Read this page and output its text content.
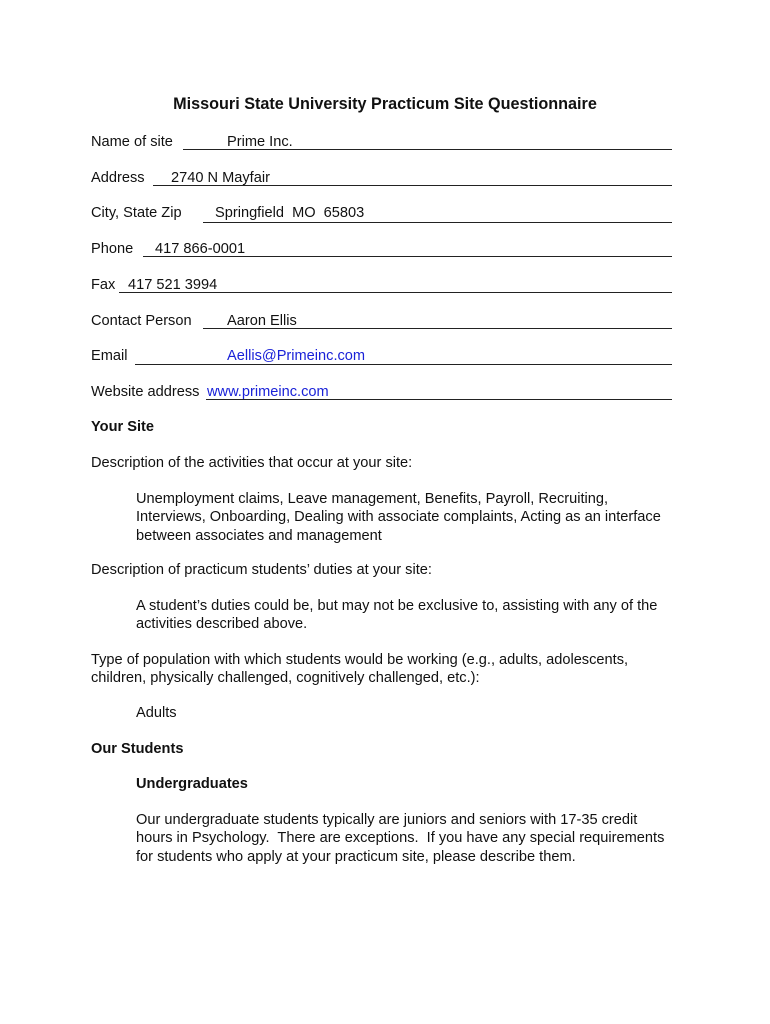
Missouri State University Practicum Site Questionnaire
Name of site	Prime Inc.
Address 2740 N Mayfair
City, State Zip Springfield  MO  65803
Phone 417 866-0001
Fax 417 521 3994
Contact Person Aaron Ellis
Email	Aellis@Primeinc.com
Website address www.primeinc.com
Your Site
Description of the activities that occur at your site:
Unemployment claims, Leave management, Benefits, Payroll, Recruiting, Interviews, Onboarding, Dealing with associate complaints, Acting as an interface between associates and management
Description of practicum students’ duties at your site:
A student’s duties could be, but may not be exclusive to, assisting with any of the activities described above.
Type of population with which students would be working (e.g., adults, adolescents, children, physically challenged, cognitively challenged, etc.):
Adults
Our Students
Undergraduates
Our undergraduate students typically are juniors and seniors with 17-35 credit hours in Psychology.  There are exceptions.  If you have any special requirements for students who apply at your practicum site, please describe them.
